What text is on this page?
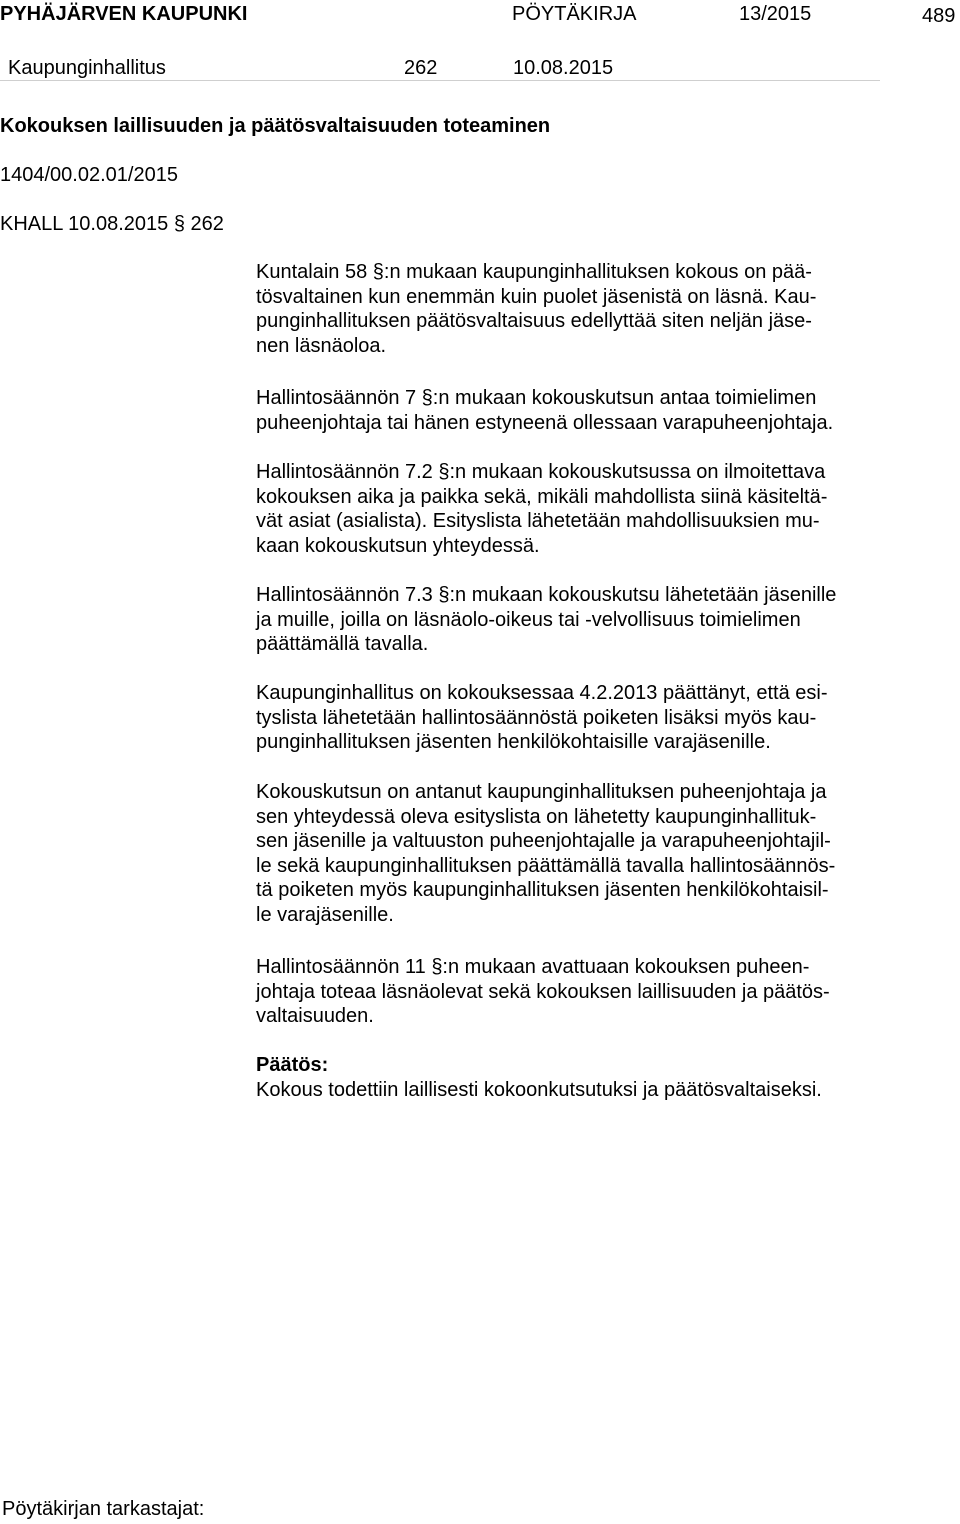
PYHÄJÄRVEN KAUPUNKI	PÖYTÄKIRJA	13/2015	489
Kaupunginhallitus	262	10.08.2015
Kokouksen laillisuuden ja päätösvaltaisuuden toteaminen
1404/00.02.01/2015
KHALL 10.08.2015 § 262
Kuntalain 58 §:n mukaan kaupunginhallituksen kokous on pää-
tösvaltainen kun enemmän kuin puolet jäsenistä on läsnä. Kau-
punginhallituksen päätösvaltaisuus edellyttää siten neljän jäse-
nen läsnäoloa.
Hallintosäännön 7 §:n mukaan kokouskutsun antaa toimielimen
puheenjohtaja tai hänen estyneenä ollessaan varapuheenjohtaja.
Hallintosäännön 7.2 §:n mukaan kokouskutsussa on ilmoitettava
kokouksen aika ja paikka sekä, mikäli mahdollista siinä käsiteltä-
vät asiat (asialista). Esityslista lähetetään mahdollisuuksien mu-
kaan kokouskutsun yhteydessä.
Hallintosäännön 7.3 §:n mukaan kokouskutsu lähetetään jäsenille
ja muille, joilla on läsnäolo-oikeus tai -velvollisuus toimielimen
päättämällä tavalla.
Kaupunginhallitus on kokouksessaa 4.2.2013 päättänyt, että esi-
tyslista lähetetään hallintosäännöstä poiketen lisäksi myös kau-
punginhallituksen jäsenten henkilökohtaisille varajäsenille.
Kokouskutsun on antanut kaupunginhallituksen puheenjohtaja ja
sen yhteydessä oleva esityslista on lähetetty kaupunginhallituk-
sen jäsenille ja valtuuston puheenjohtajalle ja varapuheenjohtajil-
le sekä kaupunginhallituksen päättämällä tavalla hallintosäännös-
tä poiketen myös kaupunginhallituksen jäsenten henkilökohtaisil-
le varajäsenille.
Hallintosäännön 11 §:n mukaan avattuaan kokouksen puheen-
johtaja toteaa läsnäolevat sekä kokouksen laillisuuden ja päätös-
valtaisuuden.
Päätös:
Kokous todettiin laillisesti kokoonkutsutuksi ja päätösvaltaiseksi.
Pöytäkirjan tarkastajat:
